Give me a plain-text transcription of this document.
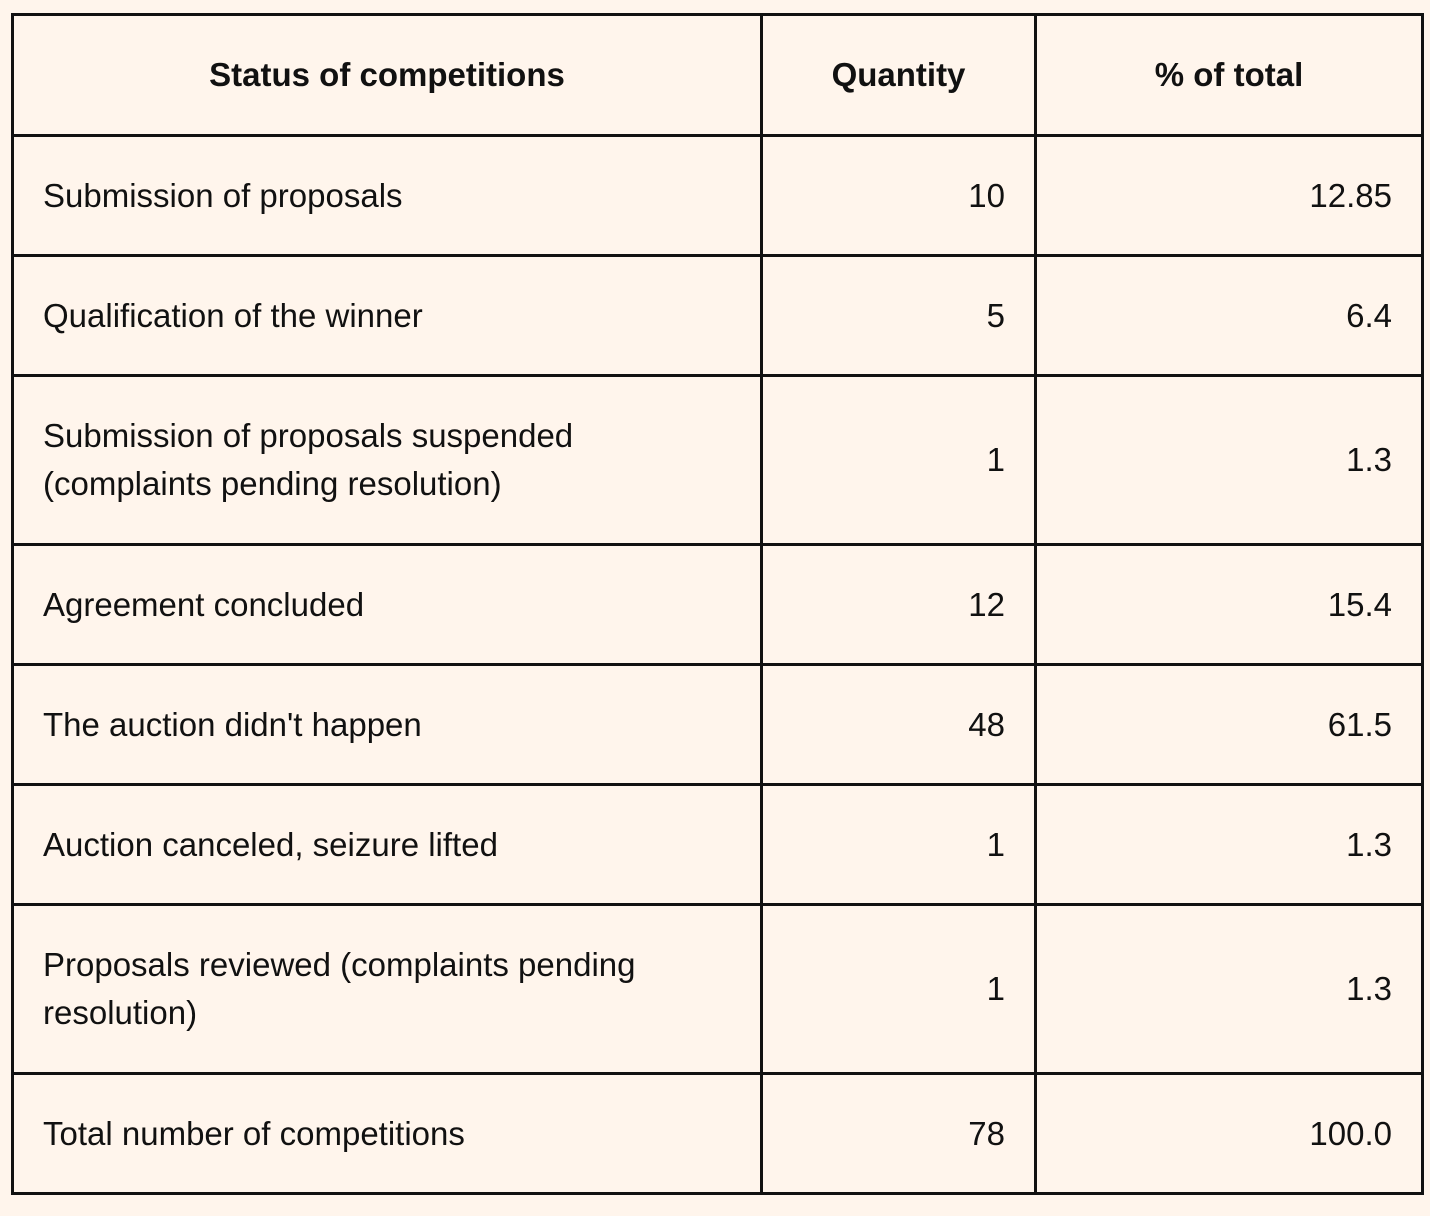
Status of competitions	Quantity	% of total
Submission of proposals	10	12.85
Qualification of the winner	5	6.4
Submission of proposals suspended (complaints pending resolution)	1	1.3
Agreement concluded	12	15.4
The auction didn't happen	48	61.5
Auction canceled, seizure lifted	1	1.3
Proposals reviewed (complaints pending resolution)	1	1.3
Total number of competitions	78	100.0
